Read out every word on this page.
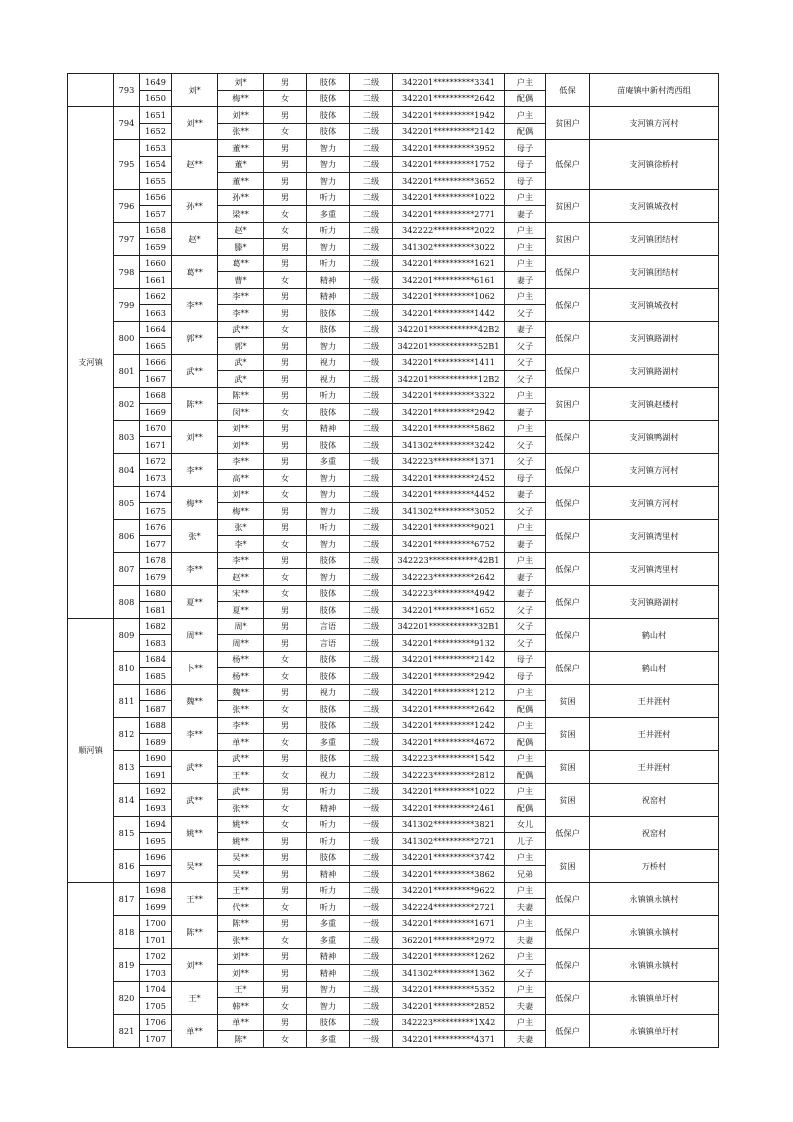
	793	1649	刘*	刘*	男	肢体	二级	342201**********3341	户主	低保	苗庵镇中新村湾西组
		1650		梅**	女	肢体	二级	342201**********2642	配偶		
支河镇	794	1651	刘**	刘**	男	肢体	二级	342201**********1942	户主	贫困户	支河镇方河村
		1652		张**	女	肢体	二级	342201**********2142	配偶		
	795	1653	赵**	董**	男	智力	二级	342201**********3952	母子	低保户	支河镇徐桥村
		1654		董*	男	智力	二级	342201**********1752	母子		
		1655		董**	男	智力	二级	342201**********3652	母子		
	796	1656	孙**	孙**	男	听力	二级	342201**********1022	户主	贫困户	支河镇城孜村
		1657		梁**	女	多重	二级	342201**********2771	妻子		
	797	1658	赵*	赵*	女	听力	二级	342222**********2022	户主	贫困户	支河镇团结村
		1659		滕*	男	智力	二级	341302**********3022	户主		
	798	1660	葛**	葛**	男	听力	二级	342201**********1621	户主	低保户	支河镇团结村
		1661		曹*	女	精神	一级	342201**********6161	妻子		
	799	1662	李**	李**	男	精神	二级	342201**********1062	户主	低保户	支河镇城孜村
		1663		李**	男	肢体	二级	342201**********1442	父子		
	800	1664	郭**	武**	女	肢体	二级	342201************42B2	妻子	低保户	支河镇路湖村
		1665		郭*	男	智力	二级	342201************52B1	父子		
	801	1666	武**	武*	男	视力	一级	342201**********1411	父子	低保户	支河镇路湖村
		1667		武*	男	视力	二级	342201************12B2	父子		
	802	1668	陈**	陈**	男	听力	二级	342201**********3322	户主	贫困户	支河镇赵楼村
		1669		闵**	女	肢体	二级	342201**********2942	妻子		
	803	1670	刘**	刘**	男	精神	二级	342201**********5862	户主	低保户	支河镇鸭湖村
		1671		刘**	男	肢体	二级	341302**********3242	父子		
	804	1672	李**	李**	男	多重	一级	342223**********1371	父子	低保户	支河镇方河村
		1673		高**	女	智力	二级	342201**********2452	母子		
	805	1674	梅**	刘**	女	智力	二级	342201**********4452	妻子	低保户	支河镇方河村
		1675		梅**	男	智力	二级	341302**********3052	父子		
	806	1676	张*	张*	男	听力	二级	342201**********9021	户主	低保户	支河镇湾里村
		1677		李*	女	智力	二级	342201**********6752	妻子		
	807	1678	李**	李**	男	肢体	二级	342223************42B1	户主	低保户	支河镇湾里村
		1679		赵**	女	智力	二级	342223**********2642	妻子		
	808	1680	夏**	宋**	女	肢体	二级	342223**********4942	妻子	低保户	支河镇路湖村
		1681		夏**	男	肢体	二级	342201**********1652	父子		
顺河镇	809	1682	周**	周*	男	言语	二级	342201************32B1	父子	低保户	鹤山村
		1683		周**	男	言语	二级	342201**********9132	父子		
	810	1684	卜**	杨**	女	肢体	二级	342201**********2142	母子	低保户	鹤山村
		1685		杨**	女	肢体	二级	342201**********2942	母子		
	811	1686	魏**	魏**	男	视力	二级	342201**********1212	户主	贫困	王井涯村
		1687		张**	女	肢体	二级	342201**********2642	配偶		
	812	1688	李**	李**	男	肢体	二级	342201**********1242	户主	贫困	王井涯村
		1689		单**	女	多重	二级	342201**********4672	配偶		
	813	1690	武**	武**	男	肢体	二级	342223**********1542	户主	贫困	王井涯村
		1691		王**	女	视力	二级	342223**********2812	配偶		
	814	1692	武**	武**	男	听力	二级	342201**********1022	户主	贫困	祝窑村
		1693		张**	女	精神	一级	342201**********2461	配偶		
	815	1694	姚**	姚**	女	听力	一级	341302**********3821	女儿	低保户	祝窑村
		1695		姚**	男	听力	一级	341302**********2721	儿子		
	816	1696	吴**	吴**	男	肢体	二级	342201**********3742	户主	贫困	万桥村
		1697		吴**	男	精神	二级	342201**********3862	兄弟		
	817	1698	王**	王**	男	听力	二级	342201**********9622	户主	低保户	永镇镇永镇村
		1699		代**	女	听力	一级	342224**********2721	夫妻		
	818	1700	陈**	陈**	男	多重	一级	342201**********1671	户主	低保户	永镇镇永镇村
		1701		张**	女	多重	二级	362201**********2972	夫妻		
	819	1702	刘**	刘**	男	精神	二级	342201**********1262	户主	低保户	永镇镇永镇村
		1703		刘**	男	精神	二级	341302**********1362	父子		
	820	1704	王*	王*	男	智力	二级	342201**********5352	户主	低保户	永镇镇单圩村
		1705		韩**	女	智力	二级	342201**********2852	夫妻		
	821	1706	单**	单**	男	肢体	二级	342223**********1X42	户主	低保户	永镇镇单圩村
		1707		陈*	女	多重	一级	342201**********4371	夫妻		
